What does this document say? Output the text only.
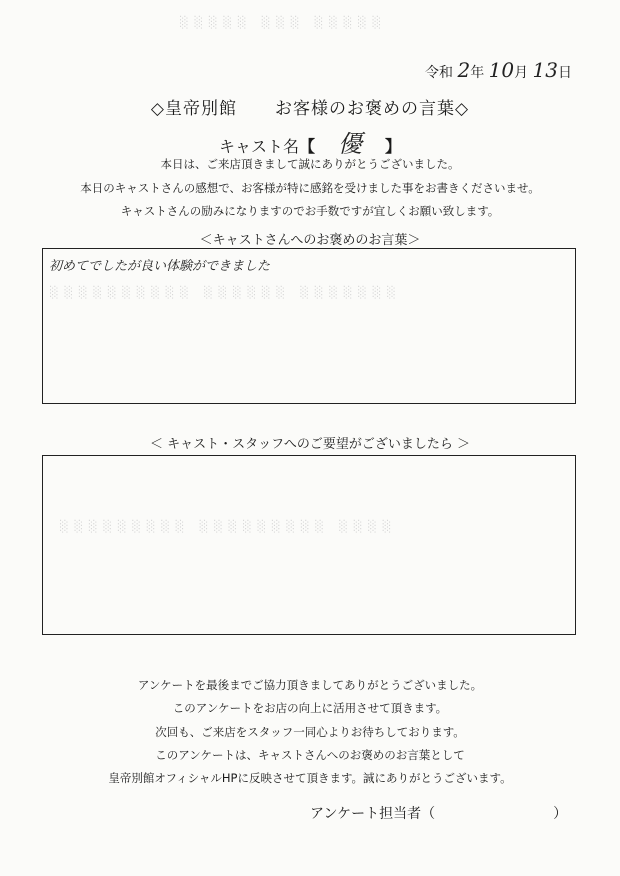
░░░░░ ░░░ ░░░░░
░░░░░░░░░░ ░░░░░░ ░░░░░░░
░░░░░░░░░ ░░░░░░░░░ ░░░░
令和 2年 10月 13日
◇皇帝別館 お客様のお褒めの言葉◇
キャスト名【 優 】
本日は、ご来店頂きまして誠にありがとうございました。
本日のキャストさんの感想で、お客様が特に感銘を受けました事をお書きくださいませ。
キャストさんの励みになりますのでお手数ですが宜しくお願い致します。
＜キャストさんへのお褒めのお言葉＞
初めてでしたが良い体験ができました
＜ キャスト・スタッフへのご要望がございましたら ＞
アンケートを最後までご協力頂きましてありがとうございました。
このアンケートをお店の向上に活用させて頂きます。
次回も、ご来店をスタッフ一同心よりお待ちしております。
このアンケートは、キャストさんへのお褒めのお言葉として
皇帝別館オフィシャルHPに反映させて頂きます。誠にありがとうございます。
アンケート担当者（	）
